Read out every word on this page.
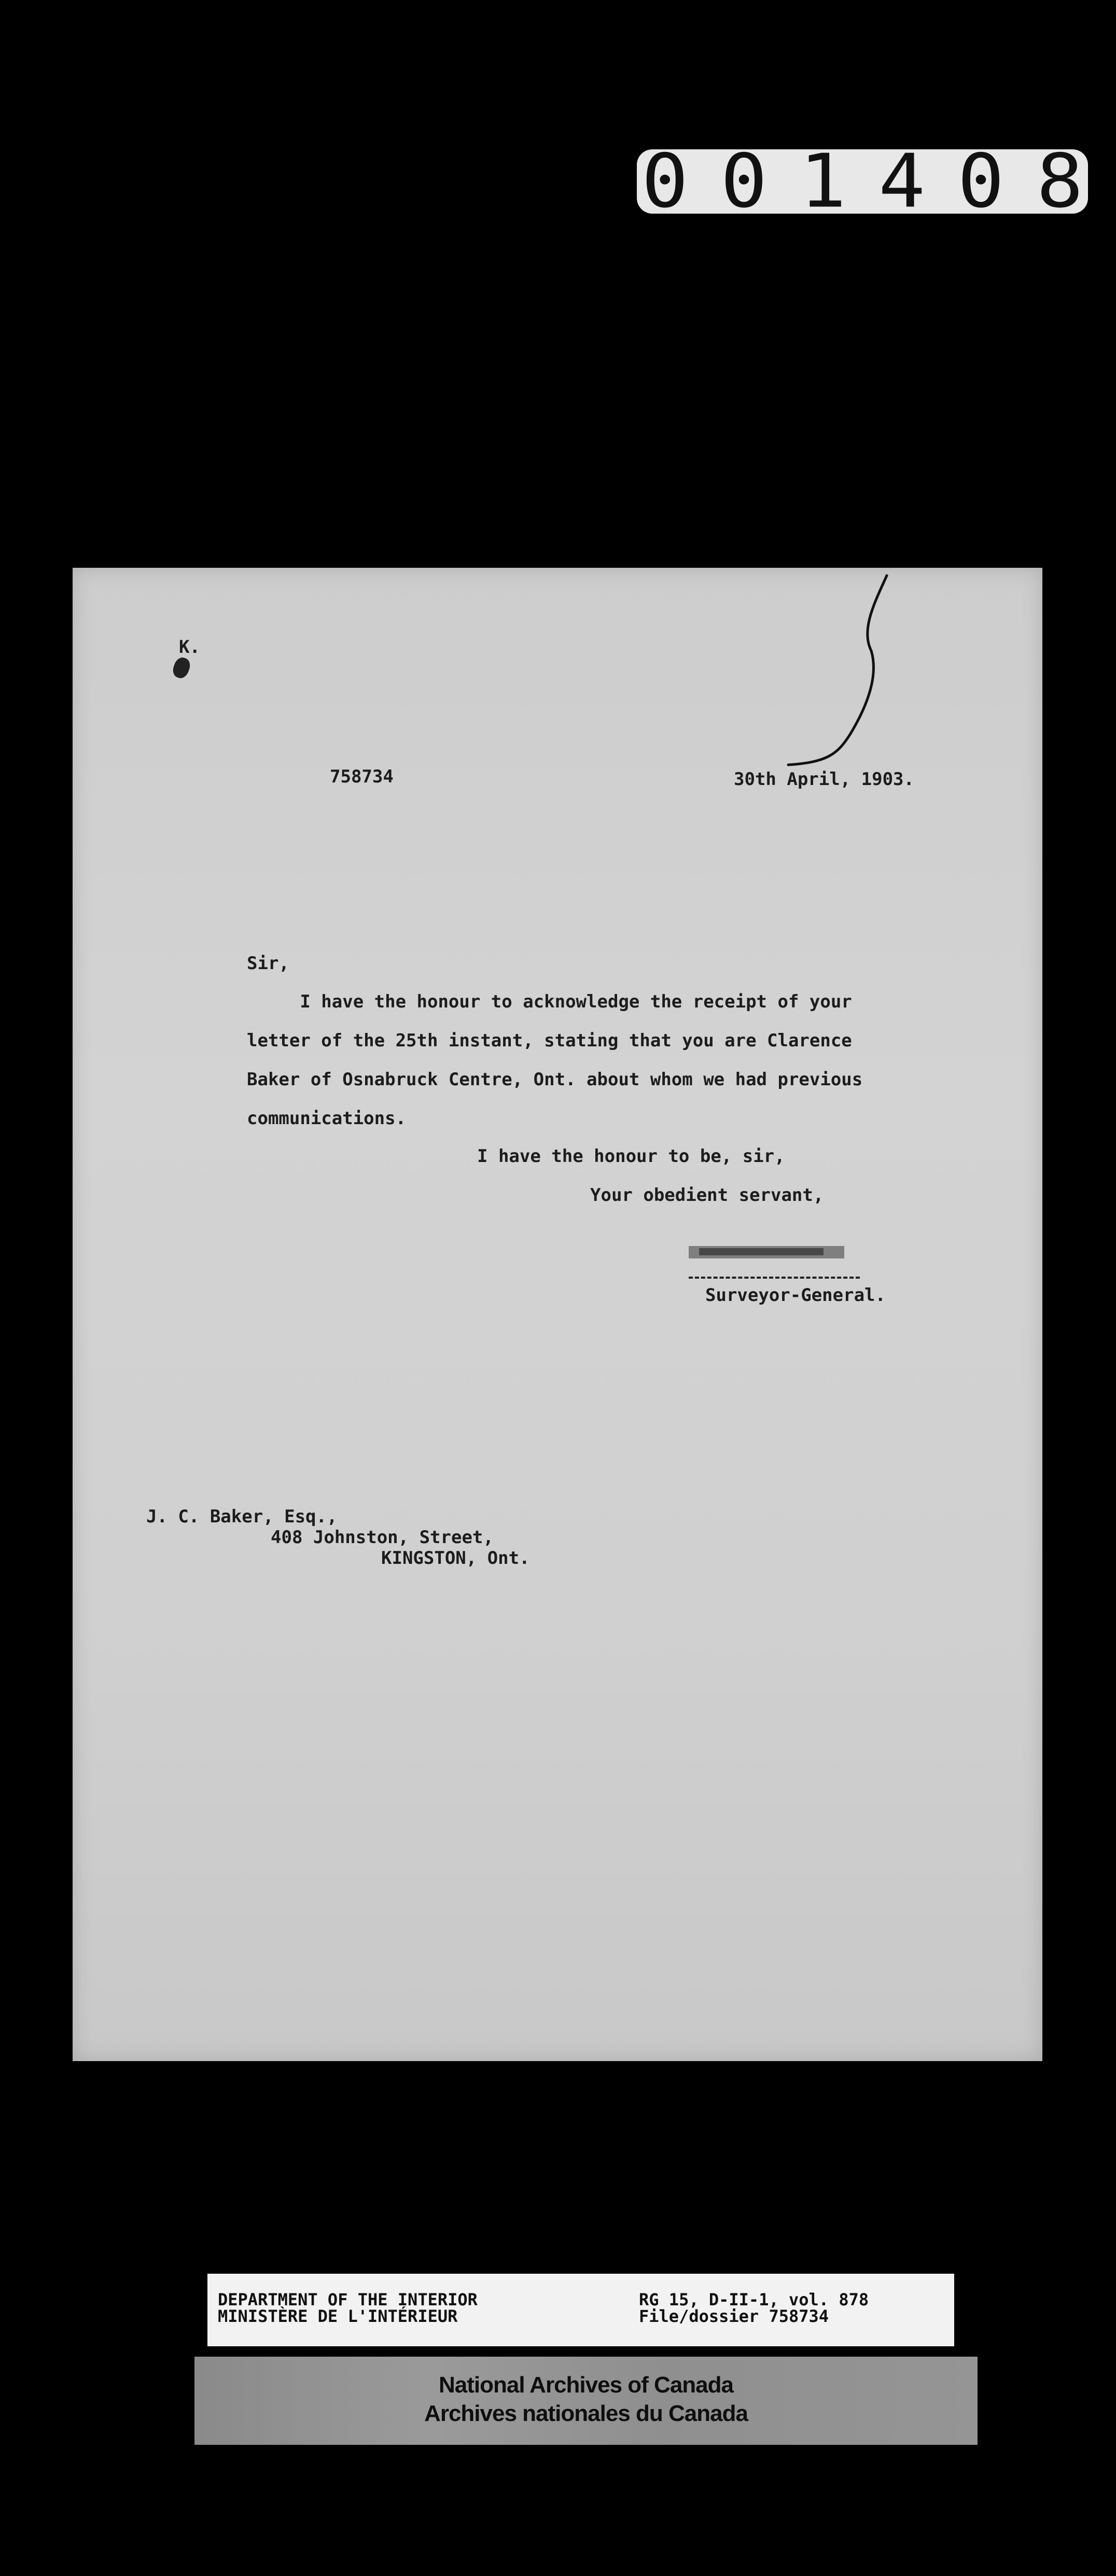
001408
K.
758734	30th April, 1903.
Sir,
I have the honour to acknowledge the receipt of your
letter of the 25th instant, stating that you are Clarence
Baker of Osnabruck Centre, Ont. about whom we had previous
communications.
I have the honour to be, sir,
Your obedient servant,
Surveyor-General.
J. C. Baker, Esq.,
408 Johnston, Street,
KINGSTON, Ont.
DEPARTMENT OF THE INTERIOR
MINISTÈRE DE L'INTÉRIEUR
RG 15, D-II-1, vol. 878
File/dossier 758734
National Archives of Canada
Archives nationales du Canada
